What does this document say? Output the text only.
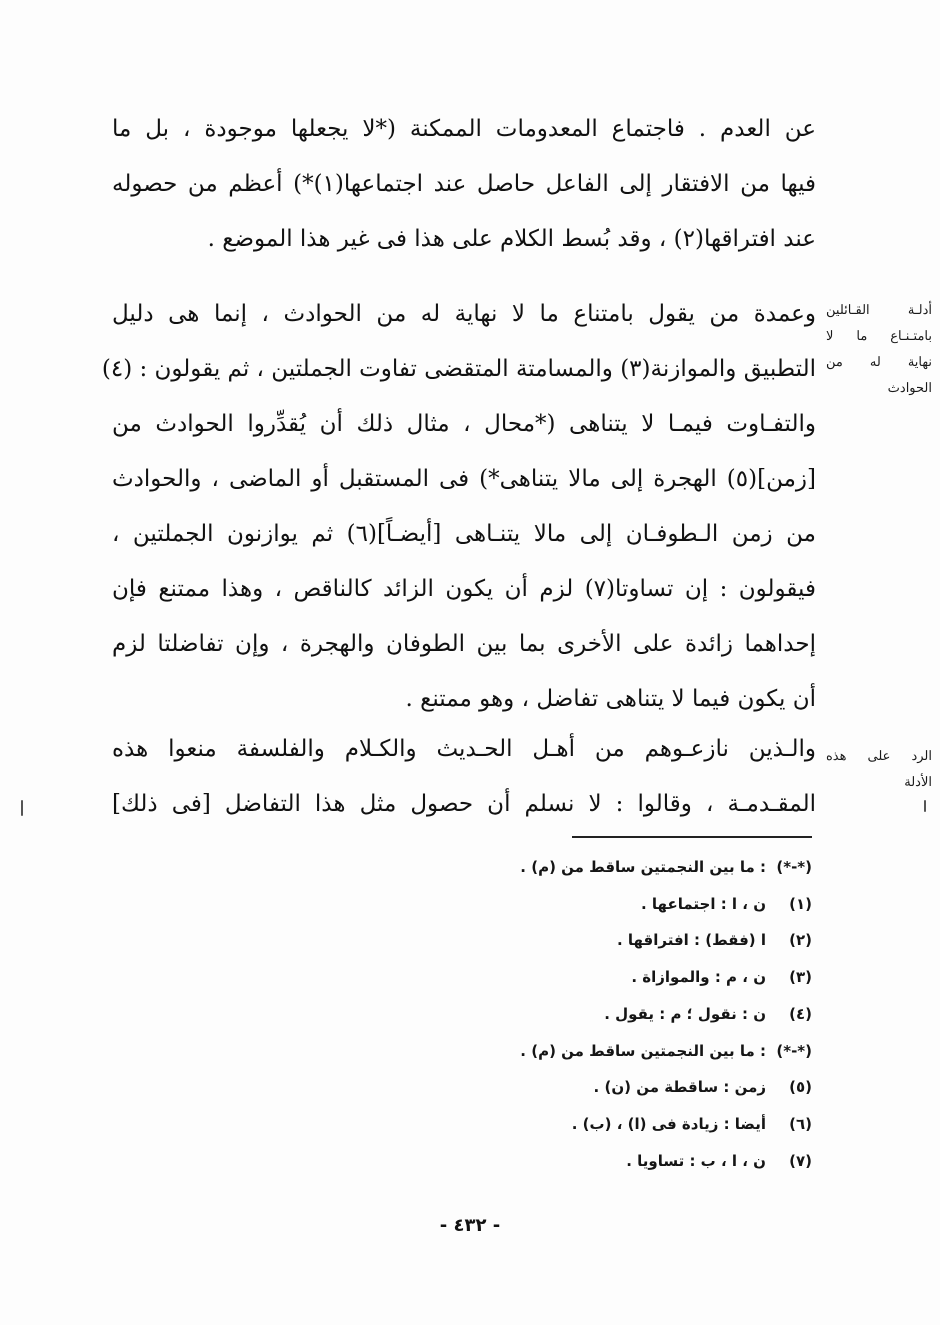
عن العدم . فاجتماع المعدومات الممكنة (*لا يجعلها موجودة ، بل ما
فيها من الافتقار إلى الفاعل حاصل عند اجتماعها(١)*) أعظم من حصوله
عند افتراقها(٢) ، وقد بُسط الكلام على هذا فى غير هذا الموضع .
وعمدة من يقول بامتناع ما لا نهاية له من الحوادث ، إنما هى دليل
التطبيق والموازنة(٣) والمسامتة المتقضى تفاوت الجملتين ، ثم يقولون : (٤)
والتفـاوت فيمـا لا يتناهى (*محال ، مثال ذلك أن يُقدِّروا الحوادث من
[زمن](٥) الهجرة إلى مالا يتناهى*) فى المستقبل أو الماضى ، والحوادث
من زمن الـطوفـان إلى مالا يتنـاهى [أيضـاً](٦) ثم يوازنون الجملتين ،
فيقولون : إن تساوتا(٧) لزم أن يكون الزائد كالناقص ، وهذا ممتنع فإن
إحداهما زائدة على الأخرى بما بين الطوفان والهجرة ، وإن تفاضلتا لزم
أن يكون فيما لا يتناهى تفاضل ، وهو ممتنع .
والـذين نازعـوهم من أهـل الحـديث والكـلام والفلسفة منعوا هذه
المقـدمـة ، وقالوا : لا نسلم أن حصول مثل هذا التفاضل [فى ذلك]
أدلـة القـائلين
بامتـنـاع ما لا
نهاية له من
الحوادث
الرد على هذه
الأدلة
(*-*): ما بين النجمتين ساقط من (م) .
(١)ن ، ا : اجتماعها .
(٢)ا (فقط) : افتراقها .
(٣)ن ، م : والموازاة .
(٤)ن : نقول ؛ م : يقول .
(*-*): ما بين النجمتين ساقط من (م) .
(٥)زمن : ساقطة من (ن) .
(٦)أيضا : زيادة فى (ا) ، (ب) .
(٧)ن ، ا ، ب : تساويا .
- ٤٣٢ -
